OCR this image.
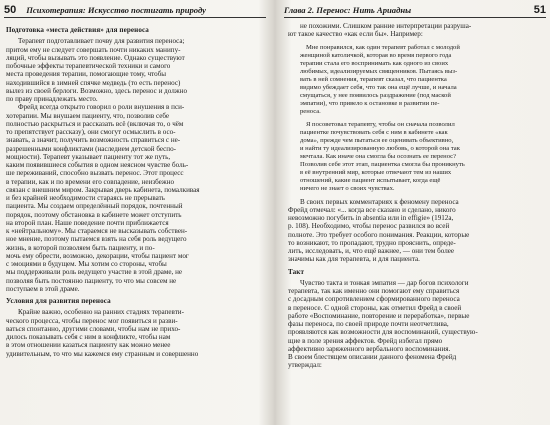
50 Психотерапия: Искусство постигать природу
Подготовка «места действия» для переноса
Терапевт подготавливает почву для развития переноса;
притом ему не следует совершать почти никаких манипу-
ляций, чтобы вызывать это появление. Однако существуют
побочные эффекты терапевтической техники и самого
места проведения терапии, помогающие тому, чтобы
находившийся в зимней спячке медведь (то есть перенос)
вылез из своей берлоги. Возможно, здесь перенос и должно
по праву принадлежать место.
Фрейд всегда открыто говорил о роли внушения в пси-
хотерапии. Мы внушаем пациенту, что, позволив себе
полностью раскрыться и рассказать всё (включая то, о чём
то препятствует рассказу), они смогут осмыслить в осо-
знавать, а значит, получить возможность справиться с не-
разрешенными конфликтами (наследием детской беспо-
мощности). Терапевт указывает пациенту тот же путь,
каким появившиеся события в одном неясном чувстве боль-
ше переживаний, способно вызвать перенос. Этот процесс
в терапии, как и по времени его совпадение, неизбежно
связан с внешним миром. Закрывая дверь кабинета, помалкивая
и без крайней необходимости стараясь не прерывать
пациента. Мы создаем определённый порядок, почтенный
порядок, поэтому обстановка в кабинете может отступить
на второй план. Наше поведение почти приближается
к «нейтральному». Мы стараемся не высказывать собствен-
ное мнение, поэтому пытаемся взять на себя роль ведущего
жизнь, в которой позволяем быть пациенту, и по-
мочь ему обрести, возможно, декорации, чтобы пациент мог
с эмоциями в будущем. Мы хотим со стороны, чтобы
мы поддерживали роль ведущего участие в этой драме, не
позволяя быть постоянно пациенту, то что мы совсем не
поступаем в этой драме.
Условия для развития переноса
Крайне важно, особенно на ранних стадиях терапевти-
ческого процесса, чтобы перенос мог появиться и разви-
ваться спонтанно, другими словами, чтобы нам не прихо-
дилось показывать себя с ним в конфликте, чтобы нам
в этом отношении казаться пациенту как можно менее
удивительным, то что мы кажемся ему странным и совершенно
Глава 2. Перенос: Нить Ариадны	51
не похожими. Слишком ранние интерпретации разруша-
ют такое качество «как если бы». Например:
Мне понравился, как один терапевт работал с молодой
женщиной католичкой, которая во время первого года
терапии стала его воспринимать как одного из своих
любимых, идеализируемых священников. Пытаясь выз-
вать в ней сомнения, терапевт сказал, что пациентка
видимо убеждает себя, что так она ещё лучше, и начала
смущаться, у нее появилось раздражение (под маской
эмпатии), что привело к остановке в развитии пе-
реноса.
Я посоветовал терапевту, чтобы он сначала позволил
пациентке почувствовать себя с ним в кабинете «как
дома», прежде чем пытаться ее оценивать объективно,
и найти ту идеализированную любовь, о которой она так
мечтала. Как иначе она смогла бы осознать ее перенос?
Позволив себе этот этап, пациентка смогла бы проникнуть
в её внутренний мир, которые отвечают тем из наших
отношений, какие пациент испытывает, когда ещё
ничего не знает о своих чувствах.
В своих первых комментариях к феномену переноса
Фрейд отмечал: «... когда все сказано и сделано, никого
невозможно погубить in absentia или in effigie» (1912а,
р. 108). Необходимо, чтобы перенос развился во всей
полноте. Это требует особого понимания. Реакции, которые
то возникают, то пропадают, трудно прояснить, опреде-
лить, исследовать, и, что ещё важнее, — они тем более
значимы как для терапевта, и для пациента.
Такт
Чувство такта и тонкая эмпатия — дар богов психологи
терапевта, так как именно они помогают ему справиться
с досадным сопротивлением сформированного переноса
в переносе. С одной стороны, как отметил Фрейд в своей
работе «Воспоминание, повторение и переработка», первые
фазы переноса, по своей природе почти неотчетлива,
проявляются как возможности для воспоминаний, существую-
щие в поле зрения аффектов. Фрейд избегал прямо
аффективно заряженного вербального воспоминания.
В своем блестящем описании данного феномена Фрейд
утверждал:
